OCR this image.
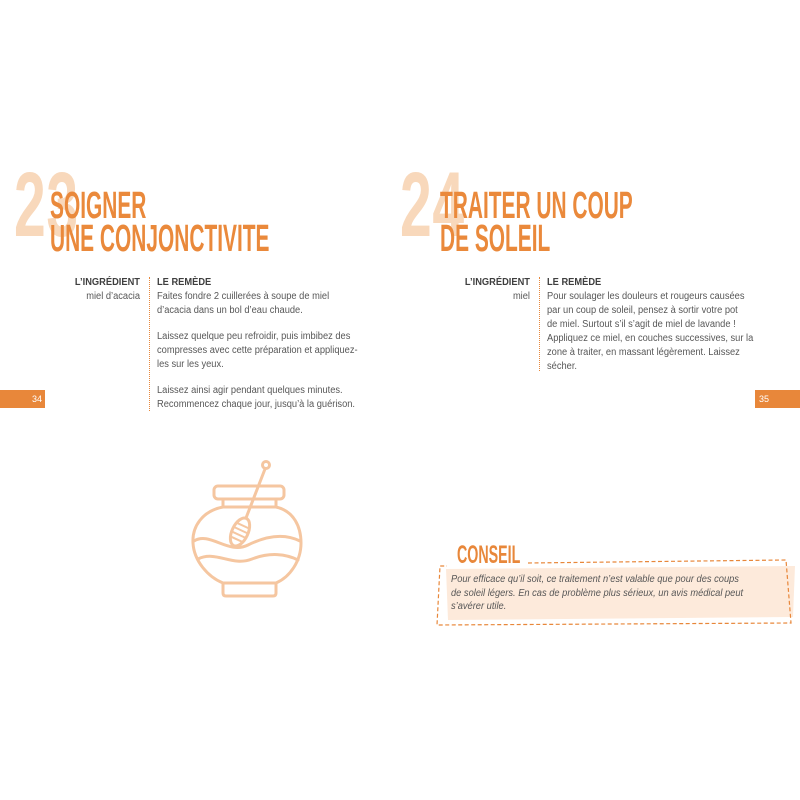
23
SOIGNER
UNE CONJONCTIVITE
L’INGRÉDIENT
miel d’acacia
LE REMÈDE
Faites fondre 2 cuillerées à soupe de miel
d’acacia dans un bol d’eau chaude.
Laissez quelque peu refroidir, puis imbibez des
compresses avec cette préparation et appliquez-
les sur les yeux.
Laissez ainsi agir pendant quelques minutes.
Recommencez chaque jour, jusqu’à la guérison.
34
24
TRAITER UN COUP
DE SOLEIL
L’INGRÉDIENT
miel
LE REMÈDE
Pour soulager les douleurs et rougeurs causées
par un coup de soleil, pensez à sortir votre pot
de miel. Surtout s’il s’agit de miel de lavande !
Appliquez ce miel, en couches successives, sur la
zone à traiter, en massant légèrement. Laissez
sécher.
35
CONSEIL
Pour efficace qu’il soit, ce traitement n’est valable que pour des coups
de soleil légers. En cas de problème plus sérieux, un avis médical peut
s’avérer utile.
